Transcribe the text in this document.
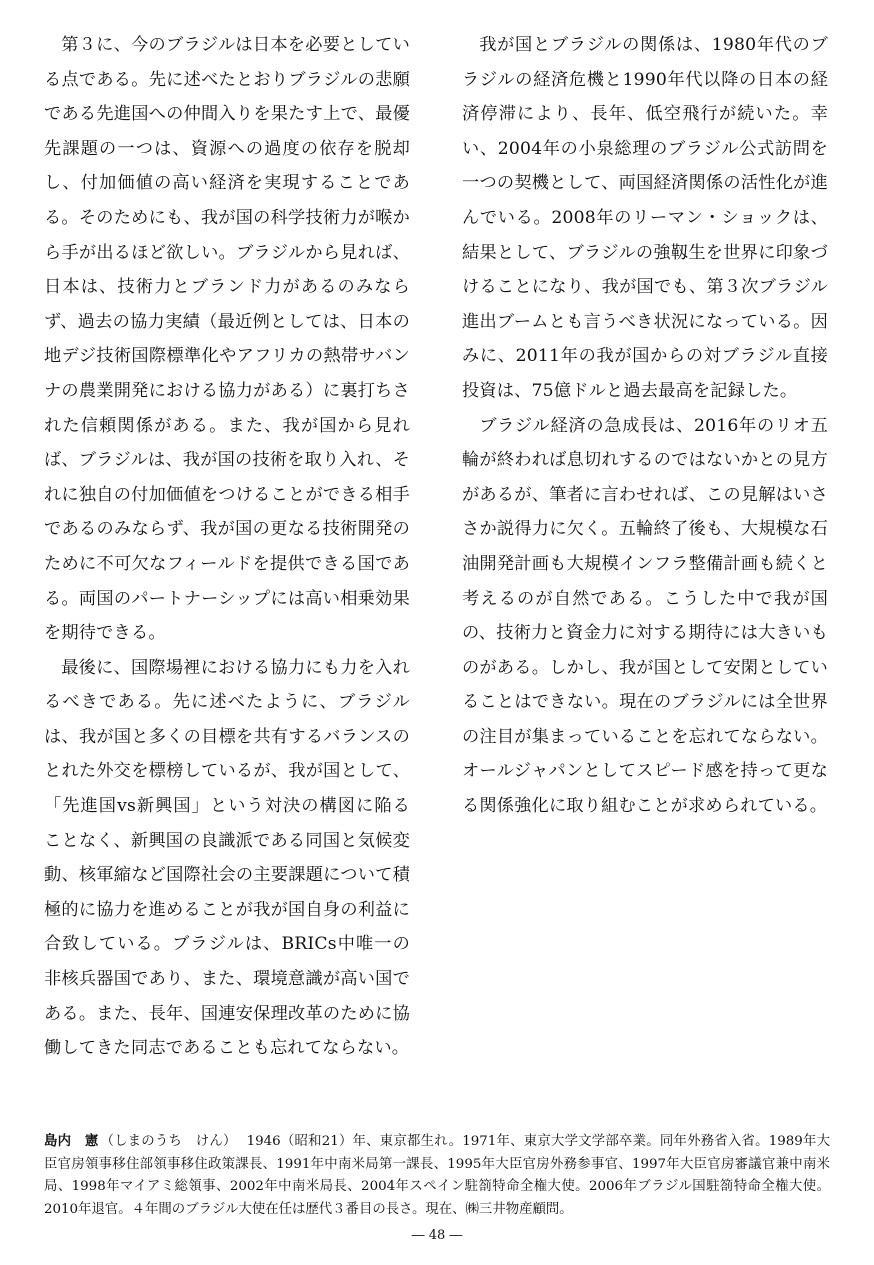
第３に、今のブラジルは日本を必要としている点である。先に述べたとおりブラジルの悲願である先進国への仲間入りを果たす上で、最優先課題の一つは、資源への過度の依存を脱却し、付加価値の高い経済を実現することである。そのためにも、我が国の科学技術力が喉から手が出るほど欲しい。ブラジルから見れば、日本は、技術力とブランド力があるのみならず、過去の協力実績（最近例としては、日本の地デジ技術国際標準化やアフリカの熱帯サバンナの農業開発における協力がある）に裏打ちされた信頼関係がある。また、我が国から見れば、ブラジルは、我が国の技術を取り入れ、それに独自の付加価値をつけることができる相手であるのみならず、我が国の更なる技術開発のために不可欠なフィールドを提供できる国である。両国のパートナーシップには高い相乗効果を期待できる。

最後に、国際場裡における協力にも力を入れるべきである。先に述べたように、ブラジルは、我が国と多くの目標を共有するバランスのとれた外交を標榜しているが、我が国として、「先進国vs新興国」という対決の構図に陥ることなく、新興国の良識派である同国と気候変動、核軍縮など国際社会の主要課題について積極的に協力を進めることが我が国自身の利益に合致している。ブラジルは、BRICs中唯一の非核兵器国であり、また、環境意識が高い国である。また、長年、国連安保理改革のために協働してきた同志であることも忘れてならない。

我が国とブラジルの関係は、1980年代のブラジルの経済危機と1990年代以降の日本の経済停滞により、長年、低空飛行が続いた。幸い、2004年の小泉総理のブラジル公式訪問を一つの契機として、両国経済関係の活性化が進んでいる。2008年のリーマン・ショックは、結果として、ブラジルの強靱生を世界に印象づけることになり、我が国でも、第３次ブラジル進出ブームとも言うべき状況になっている。因みに、2011年の我が国からの対ブラジル直接投資は、75億ドルと過去最高を記録した。

ブラジル経済の急成長は、2016年のリオ五輪が終われば息切れするのではないかとの見方があるが、筆者に言わせれば、この見解はいささか説得力に欠く。五輪終了後も、大規模な石油開発計画も大規模インフラ整備計画も続くと考えるのが自然である。こうした中で我が国の、技術力と資金力に対する期待には大きいものがある。しかし、我が国として安閑としていることはできない。現在のブラジルには全世界の注目が集まっていることを忘れてならない。オールジャパンとしてスピード感を持って更なる関係強化に取り組むことが求められている。

島内　憲 （しまのうち　けん） 1946（昭和21）年、東京都生れ。1971年、東京大学文学部卒業。同年外務省入省。1989年大臣官房領事移住部領事移住政策課長、1991年中南米局第一課長、1995年大臣官房外務参事官、1997年大臣官房審議官兼中南米局、1998年マイアミ総領事、2002年中南米局長、2004年スペイン駐箚特命全権大使。2006年ブラジル国駐箚特命全権大使。2010年退官。４年間のブラジル大使在任は歴代３番目の長さ。現在、㈱三井物産顧問。
― 48 ―
